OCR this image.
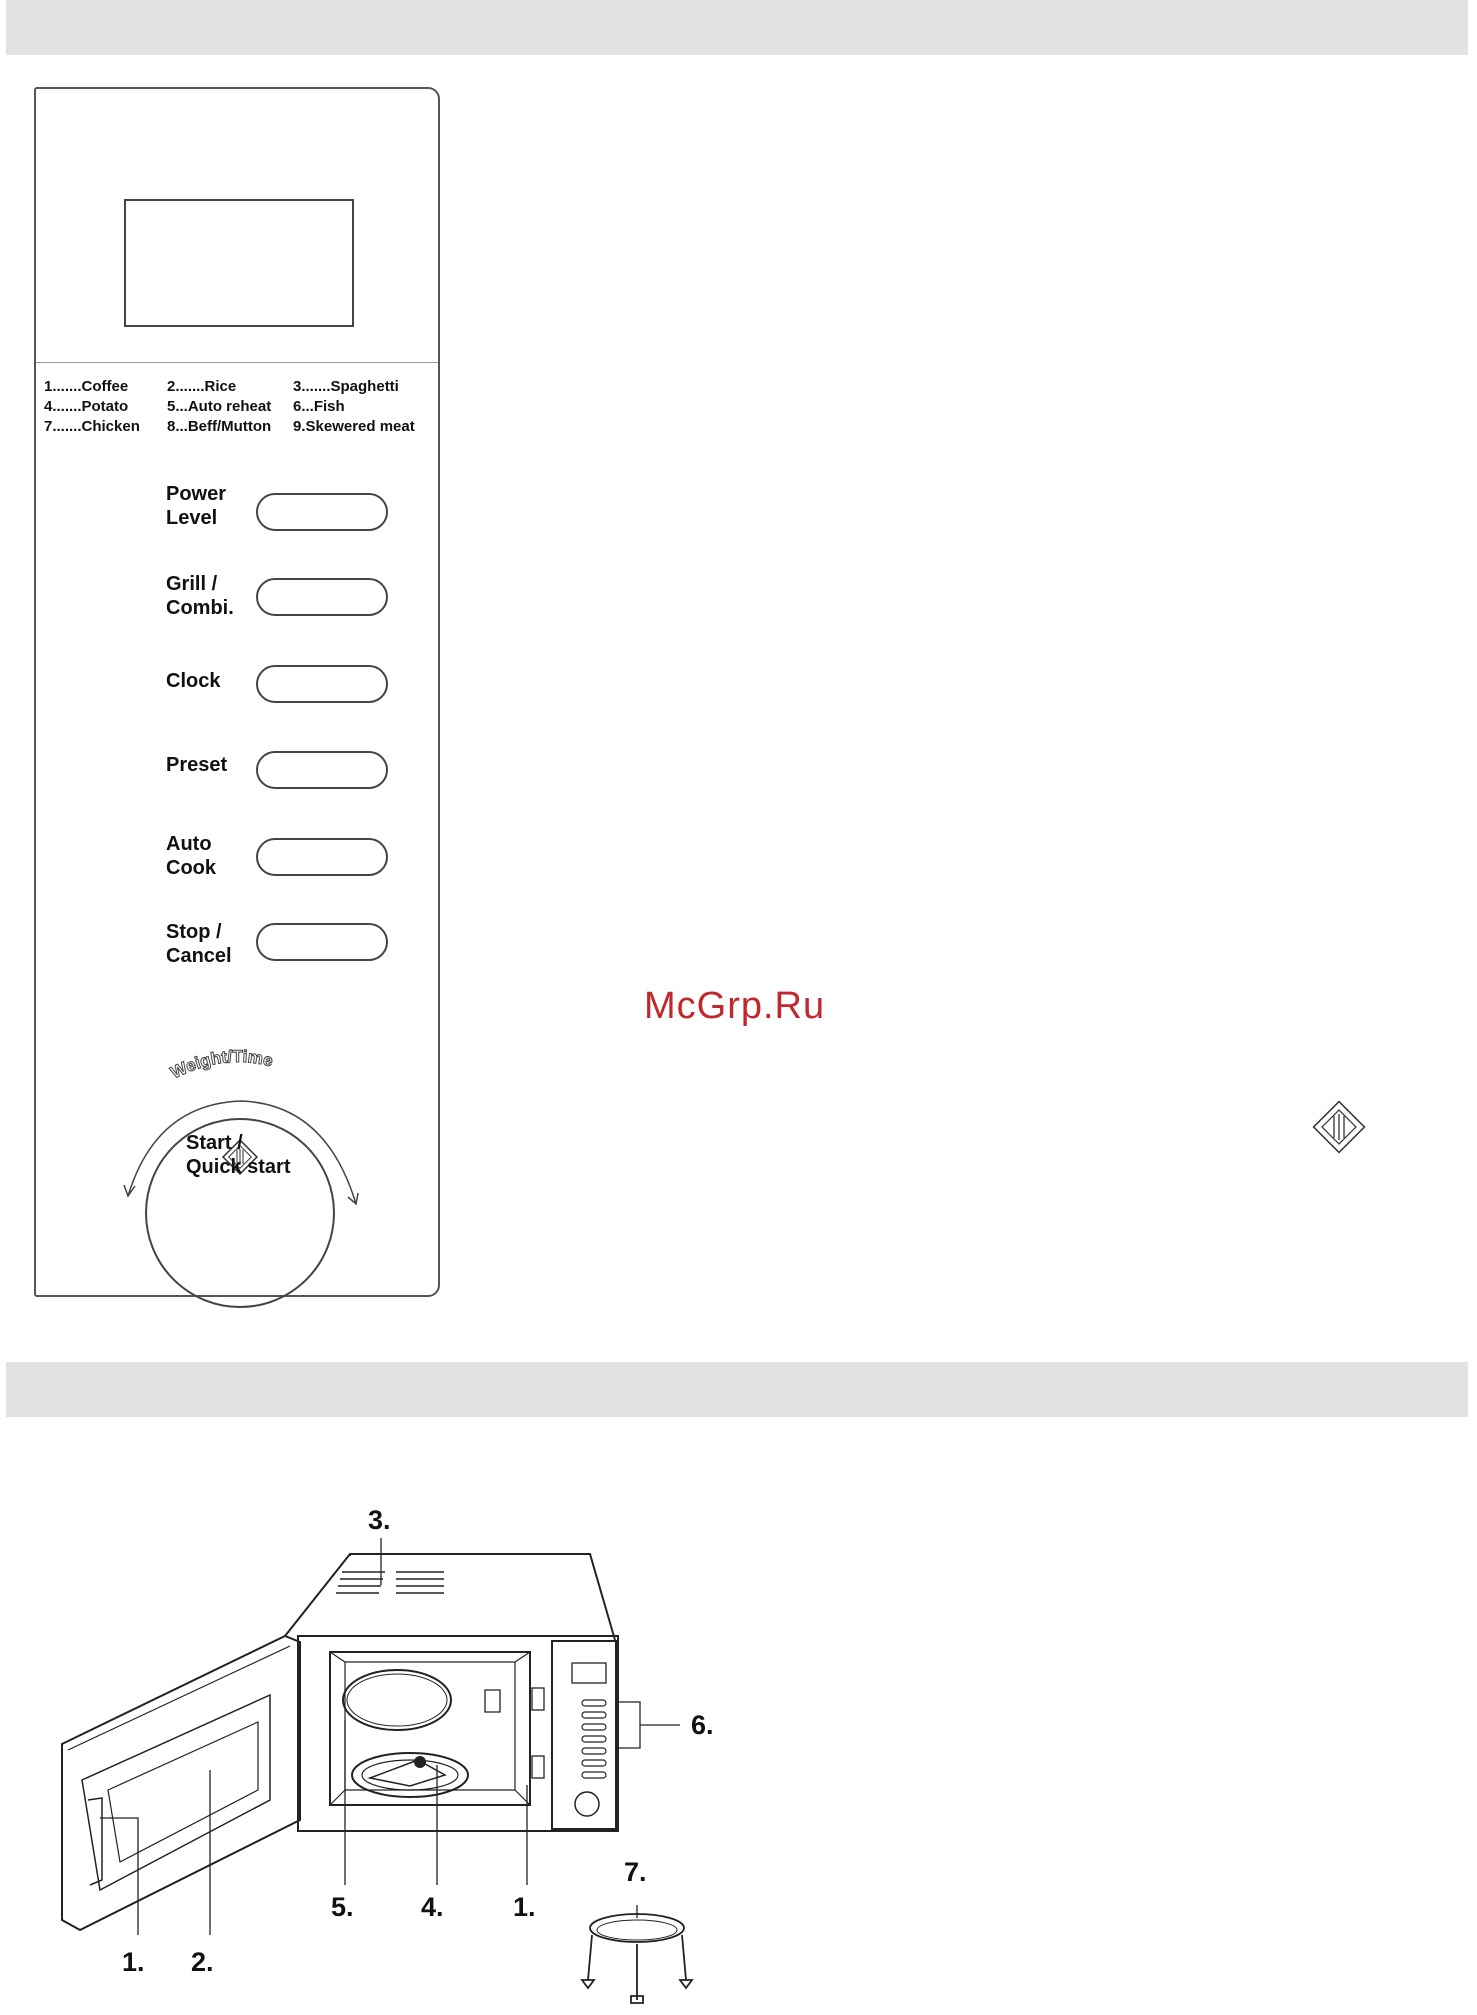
1.......Coffee	2.......Rice	3.......Spaghetti
4.......Potato	5...Auto reheat	6...Fish
7.......Chicken	8...Beff/Mutton	9.Skewered meat
Power
Level
Grill /
Combi.
Clock
Preset
Auto
Cook
Stop /
Cancel
Weight/Time
Start /
Quick start
McGrp.Ru
3.
6.
7.
1. 2.
5. 4.	1.
